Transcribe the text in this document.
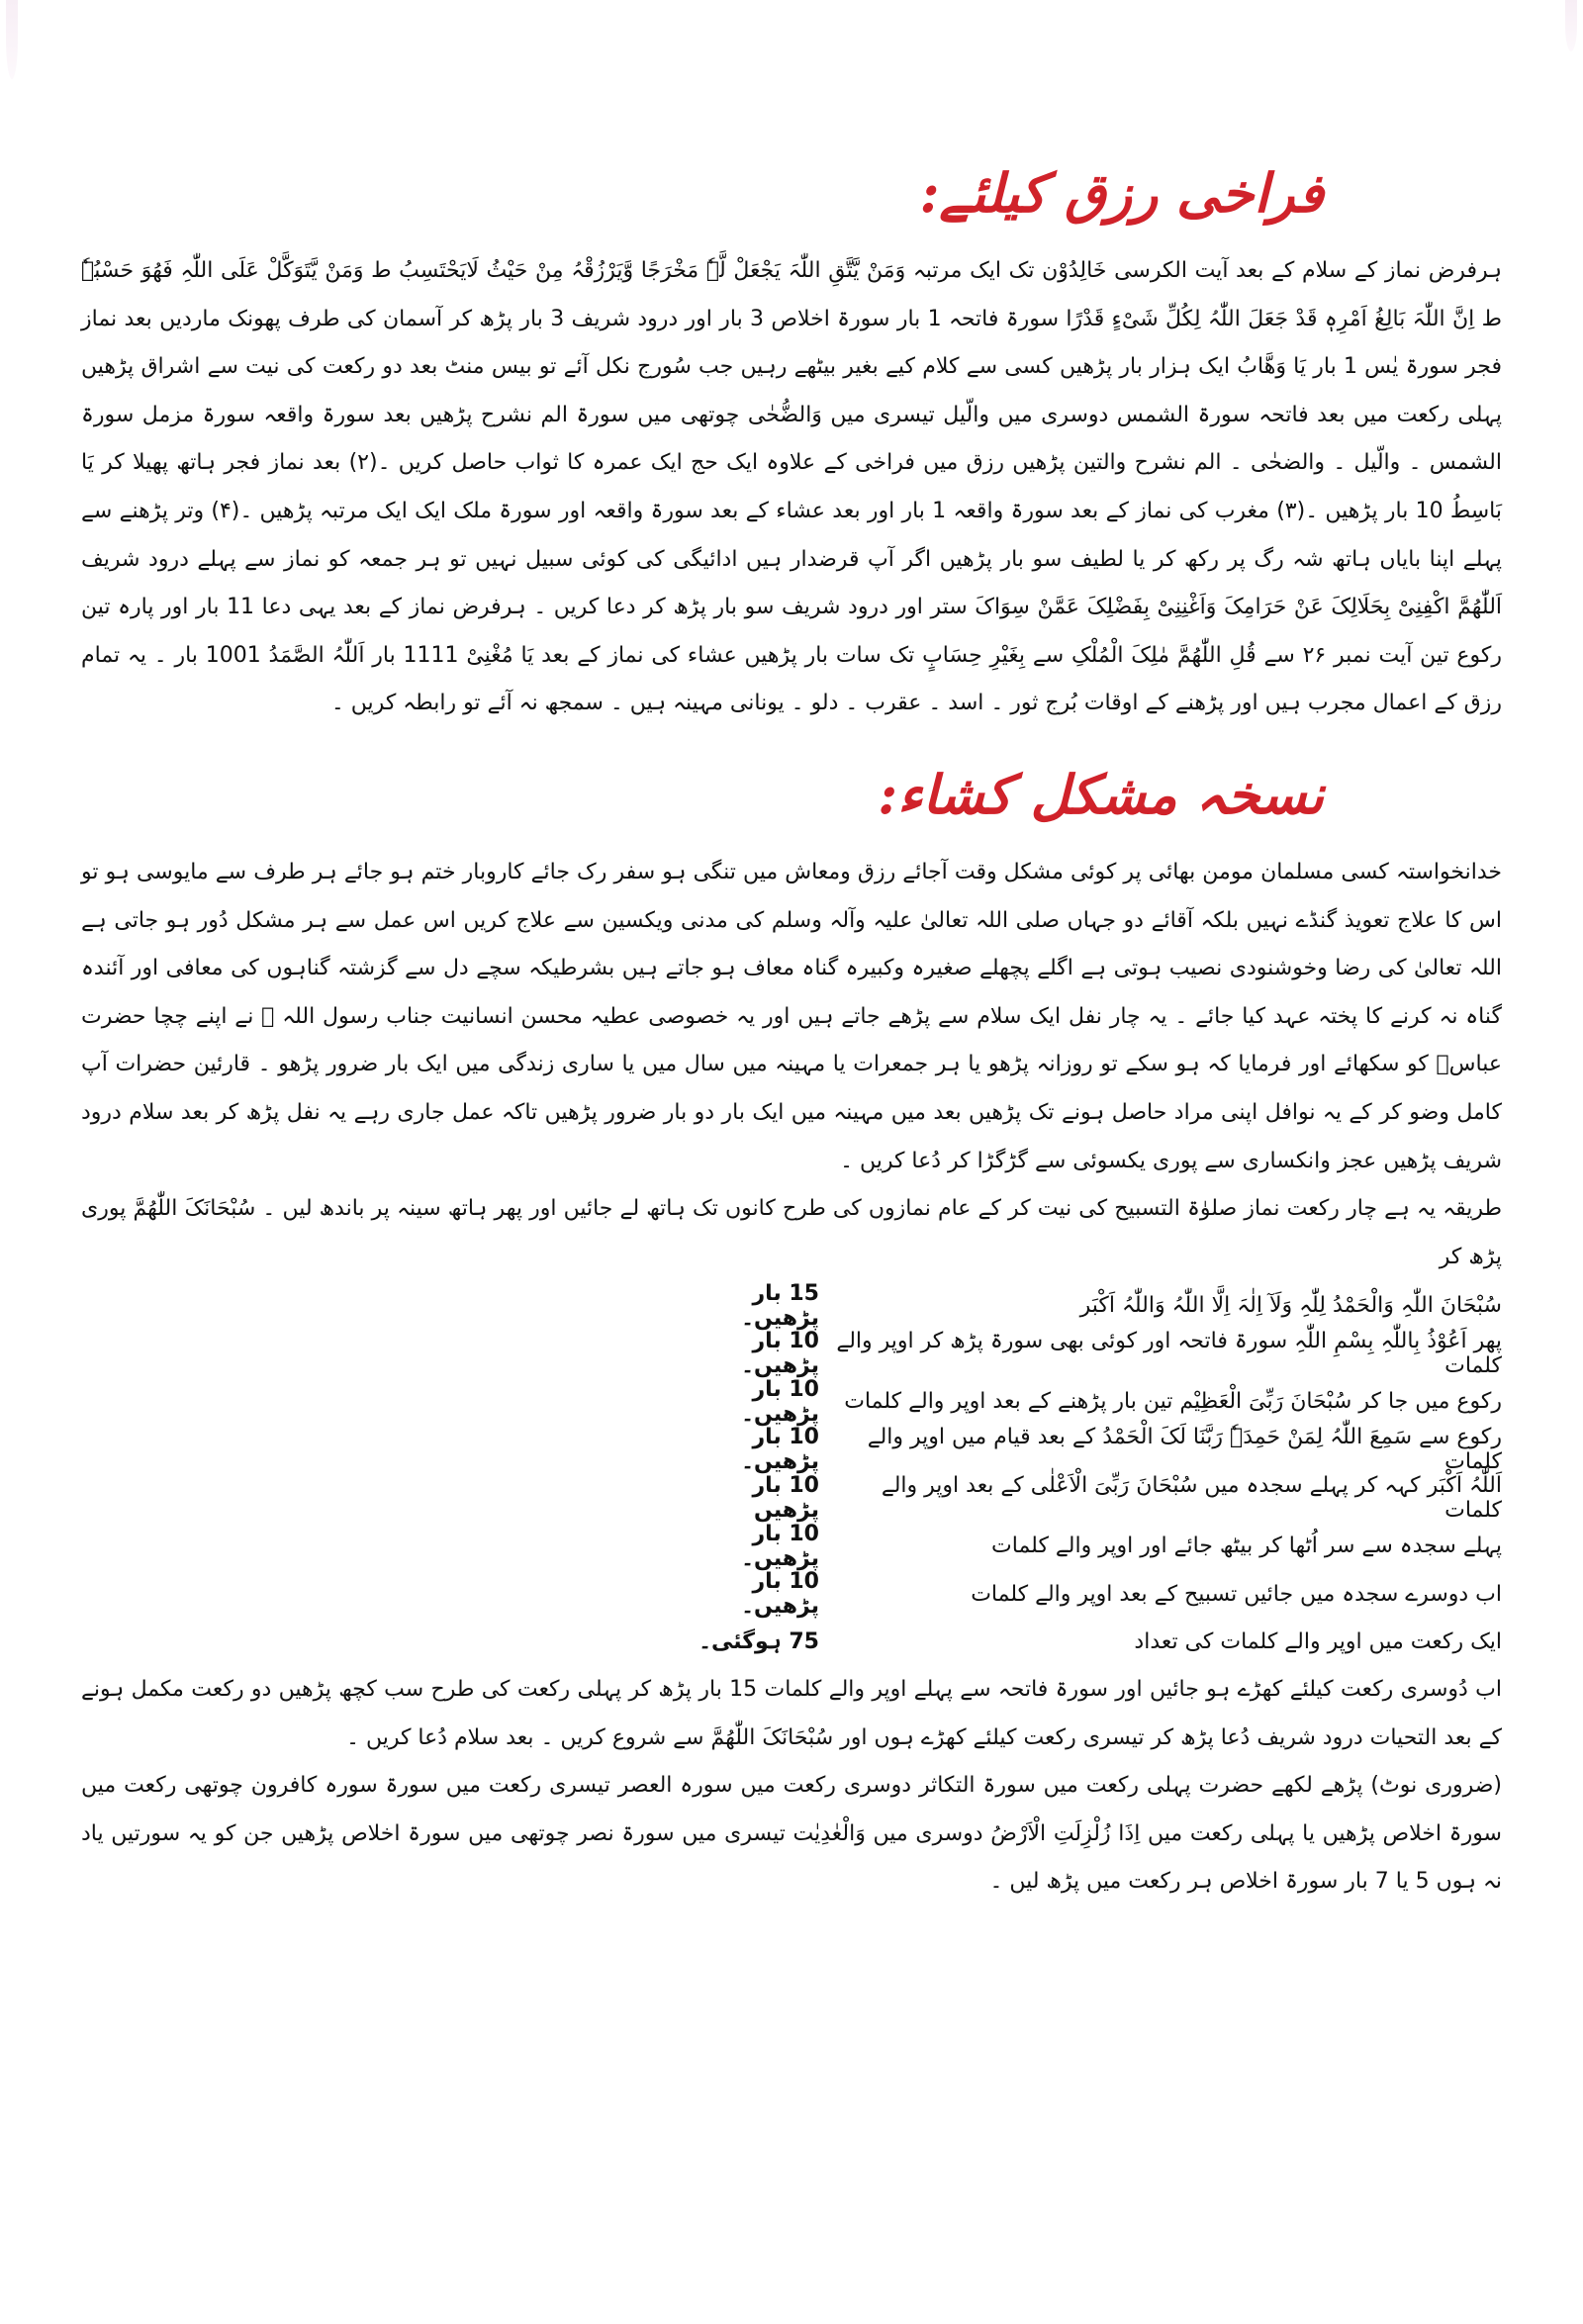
فراخی رزق کیلئے:

ہرفرض نماز کے سلام کے بعد آیت الکرسی خَالِدُوْن تک ایک مرتبہ وَمَنْ یَّتَّقِ اللّٰہَ یَجْعَلْ لَّہٗ مَخْرَجًا وَّیَرْزُقْہُ مِنْ حَیْثُ لَایَحْتَسِبُ ط وَمَنْ یَّتَوَکَّلْ عَلَی اللّٰہِ فَھُوَ حَسْبُہٗ ط اِنَّ اللّٰہَ بَالِغُ اَمْرِہٖ قَدْ جَعَلَ اللّٰہُ لِکُلِّ شَیْءٍ قَدْرًا سورۃ فاتحہ 1 بار سورۃ اخلاص 3 بار اور درود شریف 3 بار پڑھ کر آسمان کی طرف پھونک ماردیں بعد نماز فجر سورۃ یٰس 1 بار یَا وَھَّابُ ایک ہزار بار پڑھیں کسی سے کلام کیے بغیر بیٹھے رہیں جب سُورج نکل آئے تو بیس منٹ بعد دو رکعت کی نیت سے اشراق پڑھیں پہلی رکعت میں بعد فاتحہ سورۃ الشمس دوسری میں والّیل تیسری میں وَالضُّحٰی چوتھی میں سورۃ الم نشرح پڑھیں بعد سورۃ واقعہ سورۃ مزمل سورۃ الشمس ۔ والّیل ۔ والضحٰی ۔ الم نشرح والتین پڑھیں رزق میں فراخی کے علاوہ ایک حج ایک عمرہ کا ثواب حاصل کریں ۔(۲) بعد نماز فجر ہاتھ پھیلا کر یَا بَاسِطُ 10 بار پڑھیں ۔(۳) مغرب کی نماز کے بعد سورۃ واقعہ 1 بار اور بعد عشاء کے بعد سورۃ واقعہ اور سورۃ ملک ایک ایک مرتبہ پڑھیں ۔(۴) وتر پڑھنے سے پہلے اپنا بایاں ہاتھ شہ رگ پر رکھ کر یا لطیف سو بار پڑھیں اگر آپ قرضدار ہیں ادائیگی کی کوئی سبیل نہیں تو ہر جمعہ کو نماز سے پہلے درود شریف اَللّٰھُمَّ اکْفِنِیْ بِحَلَالِکَ عَنْ حَرَامِکَ وَاَغْنِنِیْ بِفَضْلِکَ عَمَّنْ سِوَاکَ ستر اور درود شریف سو بار پڑھ کر دعا کریں ۔ ہرفرض نماز کے بعد یہی دعا 11 بار اور پارہ تین رکوع تین آیت نمبر ۲۶ سے قُلِ اللّٰھُمَّ مٰلِکَ الْمُلْکِ سے بِغَیْرِ حِسَابٍ تک سات بار پڑھیں عشاء کی نماز کے بعد یَا مُغْنِیْ 1111 بار اَللّٰہُ الصَّمَدُ 1001 بار ۔ یہ تمام رزق کے اعمال مجرب ہیں اور پڑھنے کے اوقات بُرج ثور ۔ اسد ۔ عقرب ۔ دلو ۔ یونانی مہینہ ہیں ۔ سمجھ نہ آئے تو رابطہ کریں ۔

نسخہ مشکل کشاء:

خدانخواستہ کسی مسلمان مومن بھائی پر کوئی مشکل وقت آجائے رزق ومعاش میں تنگی ہو سفر رک جائے کاروبار ختم ہو جائے ہر طرف سے مایوسی ہو تو اس کا علاج تعویذ گنڈے نہیں بلکہ آقائے دو جہاں صلی اللہ تعالیٰ علیہ وآلہ وسلم کی مدنی ویکسین سے علاج کریں اس عمل سے ہر مشکل دُور ہو جاتی ہے اللہ تعالیٰ کی رضا وخوشنودی نصیب ہوتی ہے اگلے پچھلے صغیرہ وکبیرہ گناہ معاف ہو جاتے ہیں بشرطیکہ سچے دل سے گزشتہ گناہوں کی معافی اور آئندہ گناہ نہ کرنے کا پختہ عہد کیا جائے ۔ یہ چار نفل ایک سلام سے پڑھے جاتے ہیں اور یہ خصوصی عطیہ محسن انسانیت جناب رسول اللہ ﷺ نے اپنے چچا حضرت عباسؓ کو سکھائے اور فرمایا کہ ہو سکے تو روزانہ پڑھو یا ہر جمعرات یا مہینہ میں سال میں یا ساری زندگی میں ایک بار ضرور پڑھو ۔ قارئین حضرات آپ کامل وضو کر کے یہ نوافل اپنی مراد حاصل ہونے تک پڑھیں بعد میں مہینہ میں ایک بار دو بار ضرور پڑھیں تاکہ عمل جاری رہے یہ نفل پڑھ کر بعد سلام درود شریف پڑھیں عجز وانکساری سے پوری یکسوئی سے گڑگڑا کر دُعا کریں ۔

طریقہ یہ ہے چار رکعت نماز صلوٰۃ التسبیح کی نیت کر کے عام نمازوں کی طرح کانوں تک ہاتھ لے جائیں اور پھر ہاتھ سینہ پر باندھ لیں ۔ سُبْحَانَکَ اللّٰھُمَّ پوری پڑھ کر

سُبْحَانَ اللّٰہِ وَالْحَمْدُ لِلّٰہِ وَلَآ اِلٰہَ اِلَّا اللّٰہُ وَاللّٰہُ اَکْبَر
15 بار پڑھیں۔
پھر اَعُوْذُ بِاللّٰہِ بِسْمِ اللّٰہِ سورۃ فاتحہ اور کوئی بھی سورۃ پڑھ کر اوپر والے کلمات
10 بار پڑھیں۔
رکوع میں جا کر سُبْحَانَ رَبِّیَ الْعَظِیْم تین بار پڑھنے کے بعد اوپر والے کلمات
10 بار پڑھیں۔
رکوع سے سَمِعَ اللّٰہُ لِمَنْ حَمِدَہٗ رَبَّنَا لَکَ الْحَمْدُ کے بعد قیام میں اوپر والے کلمات
10 بار پڑھیں۔
اَللّٰہُ اَکْبَر کہہ کر پہلے سجدہ میں سُبْحَانَ رَبِّیَ الْاَعْلٰی کے بعد اوپر والے کلمات
10 بار پڑھیں
پہلے سجدہ سے سر اُٹھا کر بیٹھ جائے اور اوپر والے کلمات
10 بار پڑھیں۔
اب دوسرے سجدہ میں جائیں تسبیح کے بعد اوپر والے کلمات
10 بار پڑھیں۔
ایک رکعت میں اوپر والے کلمات کی تعداد
75 ہوگئی۔

اب دُوسری رکعت کیلئے کھڑے ہو جائیں اور سورۃ فاتحہ سے پہلے اوپر والے کلمات 15 بار پڑھ کر پہلی رکعت کی طرح سب کچھ پڑھیں دو رکعت مکمل ہونے کے بعد التحیات درود شریف دُعا پڑھ کر تیسری رکعت کیلئے کھڑے ہوں اور سُبْحَانَکَ اللّٰھُمَّ سے شروع کریں ۔ بعد سلام دُعا کریں ۔

(ضروری نوٹ) پڑھے لکھے حضرت پہلی رکعت میں سورۃ التکاثر دوسری رکعت میں سورہ العصر تیسری رکعت میں سورۃ سورہ کافرون چوتھی رکعت میں سورۃ اخلاص پڑھیں یا پہلی رکعت میں اِذَا زُلْزِلَتِ الْاَرْضُ دوسری میں وَالْعٰدِیٰت تیسری میں سورۃ نصر چوتھی میں سورۃ اخلاص پڑھیں جن کو یہ سورتیں یاد نہ ہوں 5 یا 7 بار سورۃ اخلاص ہر رکعت میں پڑھ لیں ۔
